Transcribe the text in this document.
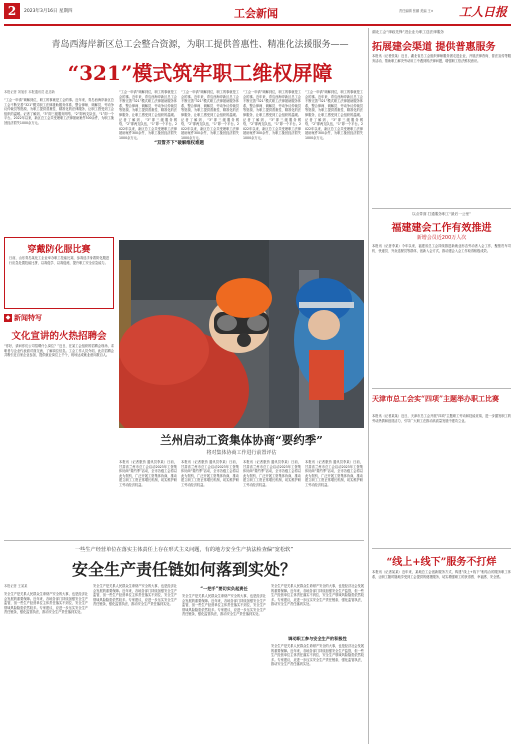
2	2023年3月16日 星期四	工会新闻	责任编辑 张鹏 美编 王×	工人日报
青岛西海岸新区总工会整合资源，为职工提供普惠性、精准化法援服务——
“321”模式筑牢职工维权屏障
本报记者 刘旭东 本报通讯员 赵忠新
“工会一申请”调解到位，职工的事就是工会的事。近年来，青岛西海岸新区总工会不断完善“321”模式职工法律援助服务体系，整合律师、调解员、劳动争议仲裁员等资源，为职工提供普惠性、精准化的法律服务，让职工感受到工会组织的温暖。记者了解到，“3”即三级服务网络，“2”即两支队伍，“1”即一个平台。2022年以来，新区总工会共受理职工法律援助案件300余件，为职工挽回经济损失1000余万元。
“工会一申请”调解到位，职工的事就是工会的事。近年来，青岛西海岸新区总工会不断完善“321”模式职工法律援助服务体系，整合律师、调解员、劳动争议仲裁员等资源，为职工提供普惠性、精准化的法律服务，让职工感受到工会组织的温暖。记者了解到，“3”即三级服务网络，“2”即两支队伍，“1”即一个平台。2022年以来，新区总工会共受理职工法律援助案件300余件，为职工挽回经济损失1000余万元。
“工会一申请”调解到位，职工的事就是工会的事。近年来，青岛西海岸新区总工会不断完善“321”模式职工法律援助服务体系，整合律师、调解员、劳动争议仲裁员等资源，为职工提供普惠性、精准化的法律服务，让职工感受到工会组织的温暖。记者了解到，“3”即三级服务网络，“2”即两支队伍，“1”即一个平台。2022年以来，新区总工会共受理职工法律援助案件300余件，为职工挽回经济损失1000余万元。
“工会一申请”调解到位，职工的事就是工会的事。近年来，青岛西海岸新区总工会不断完善“321”模式职工法律援助服务体系，整合律师、调解员、劳动争议仲裁员等资源，为职工提供普惠性、精准化的法律服务，让职工感受到工会组织的温暖。记者了解到，“3”即三级服务网络，“2”即两支队伍，“1”即一个平台。2022年以来，新区总工会共受理职工法律援助案件300余件，为职工挽回经济损失1000余万元。
“工会一申请”调解到位，职工的事就是工会的事。近年来，青岛西海岸新区总工会不断完善“321”模式职工法律援助服务体系，整合律师、调解员、劳动争议仲裁员等资源，为职工提供普惠性、精准化的法律服务，让职工感受到工会组织的温暖。记者了解到，“3”即三级服务网络，“2”即两支队伍，“1”即一个平台。2022年以来，新区总工会共受理职工法律援助案件300余件，为职工挽回经济损失1000余万元。
“双管齐下”破解维权难题
穿戴防化服比赛
日前，山东青岛某化工企业举办职工技能比赛，参赛选手身着防化服进行应急处置技能比拼，以赛促学、以赛促练，提升职工安全应急能力。
◆ 新闻特写
文化宣讲的火热招聘会
“你好，请问你们公司招聘什么岗位？”近日，在某工会组织的招聘会现场，求职者与企业代表面对面交流，了解岗位信息。工会工作人员介绍，此次招聘会共吸引近百家企业参加，提供就业岗位上千个，现场达成就业意向数百人。
兰州启动工资集体协商“要约季”
将对集体协商工作进行前置评估
本报讯（记者康劲 通讯员李某）日前，甘肃省兰州市总工会启动2023年工资集体协商“要约季”活动，全市各级工会将以此为契机，广泛开展工资集体协商，推动建立职工工资正常增长机制，切实维护职工劳动经济权益。
本报讯（记者康劲 通讯员李某）日前，甘肃省兰州市总工会启动2023年工资集体协商“要约季”活动，全市各级工会将以此为契机，广泛开展工资集体协商，推动建立职工工资正常增长机制，切实维护职工劳动经济权益。
本报讯（记者康劲 通讯员李某）日前，甘肃省兰州市总工会启动2023年工资集体协商“要约季”活动，全市各级工会将以此为契机，广泛开展工资集体协商，推动建立职工工资正常增长机制，切实维护职工劳动经济权益。
本报讯（记者康劲 通讯员李某）日前，甘肃省兰州市总工会启动2023年工资集体协商“要约季”活动，全市各级工会将以此为契机，广泛开展工资集体协商，推动建立职工工资正常增长机制，切实维护职工劳动经济权益。
一些生产经营单位在落实主体责任上存在形式主义问题，有的地方安全生产执法检查偏“宽松软”
安全生产责任链如何落到实处？
本报记者 王某某
安全生产是关系人民群众生命财产安全的大事，也是经济社会发展的重要保障。近年来，各地各部门持续加强安全生产监管，但一些生产经营单位主体责任落实不到位，安全生产领域风险隐患依然较多。专家建议，应进一步压实安全生产责任链条，强化监管执法，推动安全生产责任落到实处。
安全生产是关系人民群众生命财产安全的大事，也是经济社会发展的重要保障。近年来，各地各部门持续加强安全生产监管，但一些生产经营单位主体责任落实不到位，安全生产领域风险隐患依然较多。专家建议，应进一步压实安全生产责任链条，强化监管执法，推动安全生产责任落到实处。
“一把手”要切实负起责任
安全生产是关系人民群众生命财产安全的大事，也是经济社会发展的重要保障。近年来，各地各部门持续加强安全生产监管，但一些生产经营单位主体责任落实不到位，安全生产领域风险隐患依然较多。专家建议，应进一步压实安全生产责任链条，强化监管执法，推动安全生产责任落到实处。
安全生产是关系人民群众生命财产安全的大事，也是经济社会发展的重要保障。近年来，各地各部门持续加强安全生产监管，但一些生产经营单位主体责任落实不到位，安全生产领域风险隐患依然较多。专家建议，应进一步压实安全生产责任链条，强化监管执法，推动安全生产责任落到实处。
调动职工参与安全生产的积极性
安全生产是关系人民群众生命财产安全的大事，也是经济社会发展的重要保障。近年来，各地各部门持续加强安全生产监管，但一些生产经营单位主体责任落实不到位，安全生产领域风险隐患依然较多。专家建议，应进一步压实安全生产责任链条，强化监管执法，推动安全生产责任落到实处。
湖北工会“律政先锋”进企业为职工送法律服务
拓展建会渠道 提供普惠服务
本报讯（记者张某）近日，湖北省总工会组织律师服务团走进企业，开展法律咨询、普法宣传等服务活动，帮助职工解决劳动用工中遇到的法律问题，增强职工依法维权意识。
以点带面 打通服务职工“最后一公里”
福建建会工作有效推进
新增会员近200万人次
本报讯（记者李某）今年以来，福建省总工会持续推进新就业形态劳动者入会工作，聚焦货车司机、快递员、外卖送餐员等群体，创新入会方式，推动建会入会工作取得积极成效。
天津市总工会实“四项”主题举办职工比赛
本报讯（记者某某）近日，天津市总工会开展“四项”主题职工劳动和技能竞赛，进一步激发职工的劳动热情和创造活力，引导广大职工在推动高质量发展中建功立业。
“线上+线下”服务不打烊
本报讯（记者某某）近年来，某地总工会创新服务方式，构建“线上+线下”相结合的服务职工体系，让职工随时随地享受到工会提供的便捷服务，切实增强职工的获得感、幸福感、安全感。
